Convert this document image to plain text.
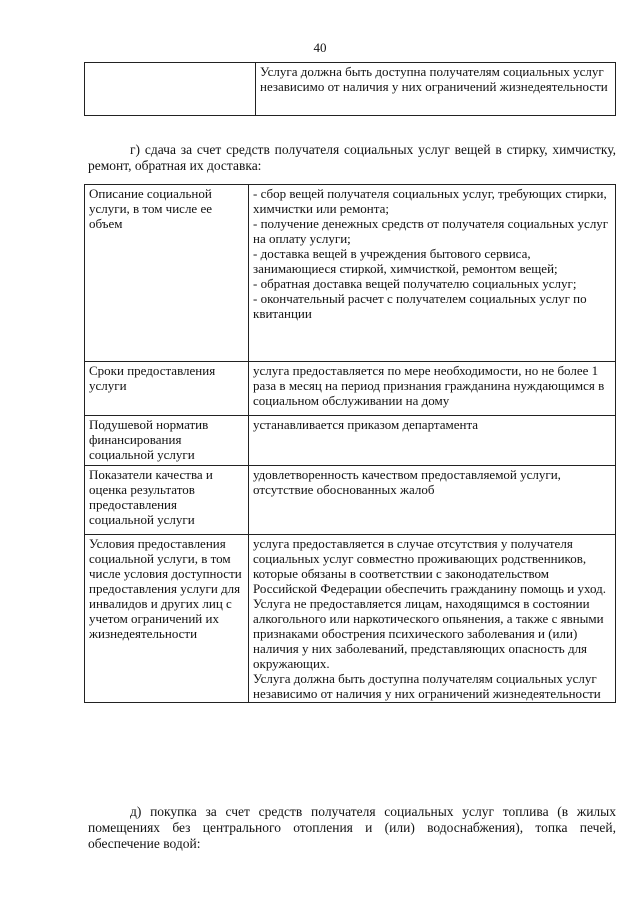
40
	Услуга должна быть доступна получателям социальных услуг независимо от наличия у них ограничений жизнедеятельности

г) сдача за счет средств получателя социальных услуг вещей в стирку, химчистку, ремонт, обратная их доставка:

Описание социальной услуги, в том числе ее объем	- сбор вещей получателя социальных услуг, требующих стирки, химчистки или ремонта;
- получение денежных средств от получателя социальных услуг на оплату услуги;
- доставка вещей в учреждения бытового сервиса, занимающиеся стиркой, химчисткой, ремонтом вещей;
- обратная доставка вещей получателю социальных услуг;
- окончательный расчет с получателем социальных услуг по квитанции

Сроки предоставления услуги	услуга предоставляется по мере необходимости, но не более 1 раза в месяц на период признания гражданина нуждающимся в социальном обслуживании на дому

Подушевой норматив финансирования социальной услуги	устанавливается приказом департамента

Показатели качества и оценка результатов предоставления социальной услуги	удовлетворенность качеством предоставляемой услуги, отсутствие обоснованных жалоб

Условия предоставления социальной услуги, в том числе условия доступности предоставления услуги для инвалидов и других лиц с учетом ограничений их жизнедеятельности	услуга предоставляется в случае отсутствия у получателя социальных услуг совместно проживающих родственников, которые обязаны в соответствии с законодательством Российской Федерации обеспечить гражданину помощь и уход.
Услуга не предоставляется лицам, находящимся в состоянии алкогольного или наркотического опьянения, а также с явными признаками обострения психического заболевания и (или) наличия у них заболеваний, представляющих опасность для окружающих.
Услуга должна быть доступна получателям социальных услуг независимо от наличия у них ограничений жизнедеятельности

д) покупка за счет средств получателя социальных услуг топлива (в жилых помещениях без центрального отопления и (или) водоснабжения), топка печей, обеспечение водой:
